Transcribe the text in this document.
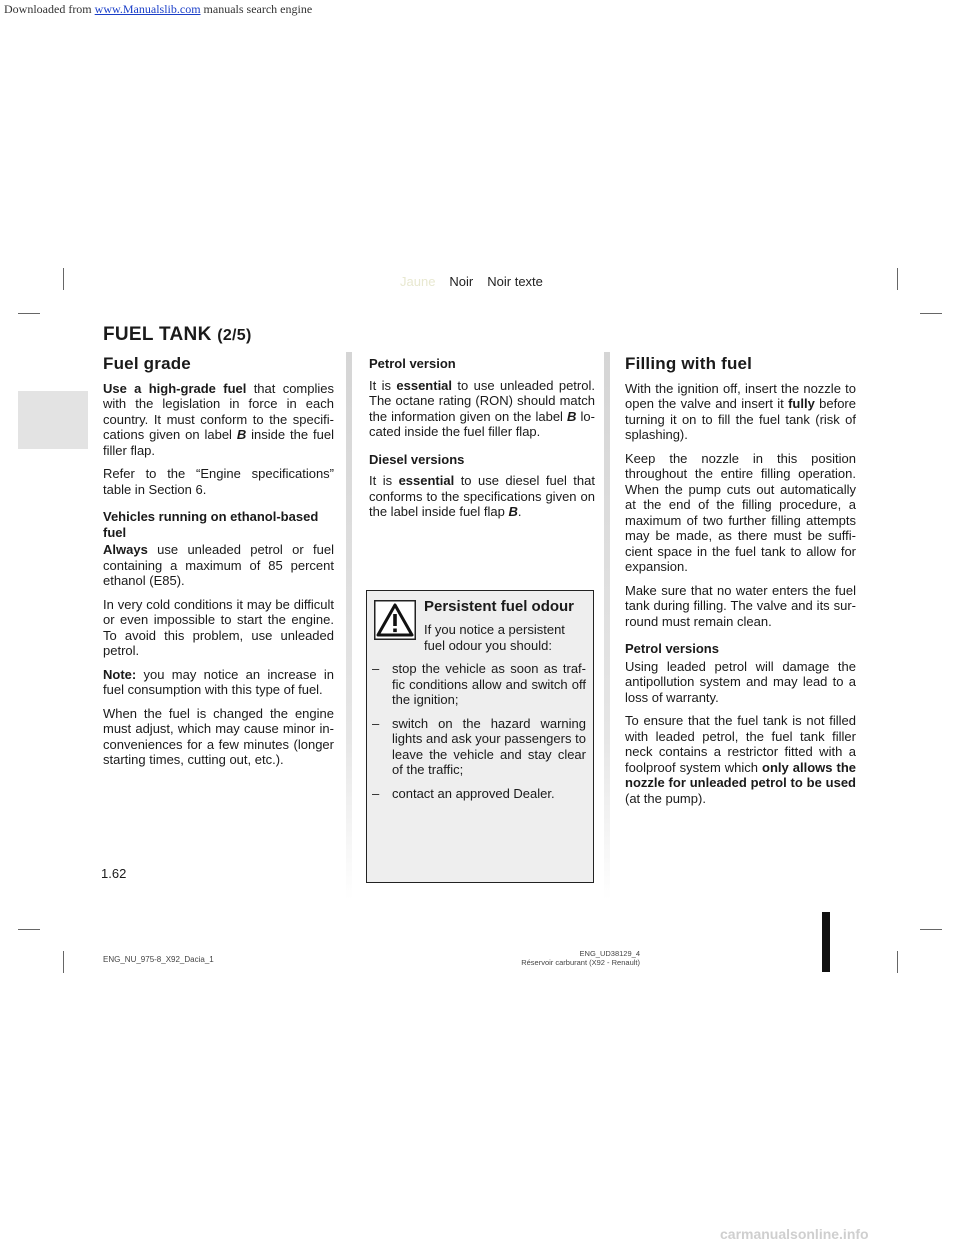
Downloaded from www.Manualslib.com manuals search engine
Jaune Noir Noir texte
FUEL TANK (2/5)
Fuel grade

Use a high-grade fuel that complies with the legislation in force in each country. It must conform to the specifi-cations given on label B inside the fuel filler flap.

Refer to the “Engine specifications” table in Section 6.

Vehicles running on ethanol-based fuel

Always use unleaded petrol or fuel containing a maximum of 85 percent ethanol (E85).

In very cold conditions it may be difficult or even impossible to start the engine. To avoid this problem, use unleaded petrol.

Note: you may notice an increase in fuel consumption with this type of fuel.

When the fuel is changed the engine must adjust, which may cause minor in-conveniences for a few minutes (longer starting times, cutting out, etc.).

Petrol version

It is essential to use unleaded petrol. The octane rating (RON) should match the information given on the label B lo-cated inside the fuel filler flap.

Diesel versions

It is essential to use diesel fuel that conforms to the specifications given on the label inside fuel flap B.

Persistent fuel odour
If you notice a persistent fuel odour you should:
– stop the vehicle as soon as traf-fic conditions allow and switch off the ignition;
– switch on the hazard warning lights and ask your passengers to leave the vehicle and stay clear of the traffic;
– contact an approved Dealer.
Filling with fuel

With the ignition off, insert the nozzle to open the valve and insert it fully before turning it on to fill the fuel tank (risk of splashing).

Keep the nozzle in this position throughout the entire filling operation. When the pump cuts out automatically at the end of the filling procedure, a maximum of two further filling attempts may be made, as there must be suffi-cient space in the fuel tank to allow for expansion.

Make sure that no water enters the fuel tank during filling. The valve and its sur-round must remain clean.

Petrol versions

Using leaded petrol will damage the antipollution system and may lead to a loss of warranty.

To ensure that the fuel tank is not filled with leaded petrol, the fuel tank filler neck contains a restrictor fitted with a foolproof system which only allows the nozzle for unleaded petrol to be used (at the pump).

1.62
ENG_NU_975-8_X92_Dacia_1
ENG_UD38129_4
Réservoir carburant (X92 - Renault)
carmanualsonline.info
